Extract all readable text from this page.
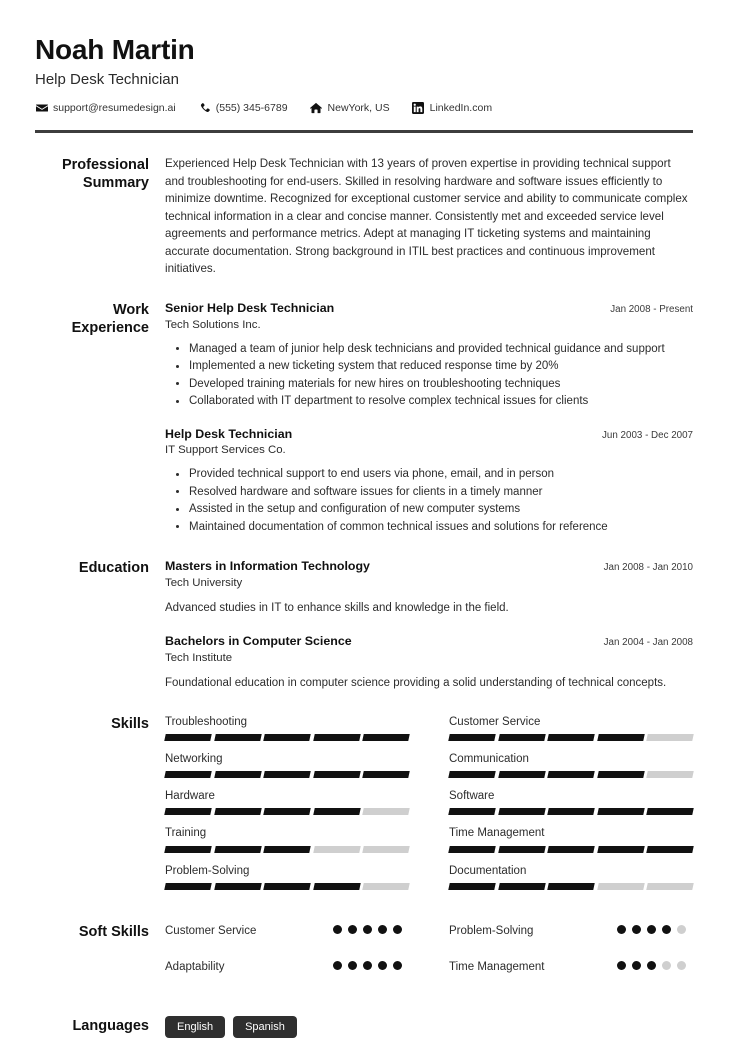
Noah Martin
Help Desk Technician
support@resumedesign.ai	(555) 345-6789	NewYork, US	LinkedIn.com
Professional Summary
Experienced Help Desk Technician with 13 years of proven expertise in providing technical support and troubleshooting for end-users. Skilled in resolving hardware and software issues efficiently to minimize downtime. Recognized for exceptional customer service and ability to communicate complex technical information in a clear and concise manner. Consistently met and exceeded service level agreements and performance metrics. Adept at managing IT ticketing systems and maintaining accurate documentation. Strong background in ITIL best practices and continuous improvement initiatives.
Work Experience
Senior Help Desk Technician	Jan 2008 - Present
Tech Solutions Inc.
Managed a team of junior help desk technicians and provided technical guidance and support
Implemented a new ticketing system that reduced response time by 20%
Developed training materials for new hires on troubleshooting techniques
Collaborated with IT department to resolve complex technical issues for clients
Help Desk Technician	Jun 2003 - Dec 2007
IT Support Services Co.
Provided technical support to end users via phone, email, and in person
Resolved hardware and software issues for clients in a timely manner
Assisted in the setup and configuration of new computer systems
Maintained documentation of common technical issues and solutions for reference
Education	Masters in Information Technology	Jan 2008 - Jan 2010
Tech University
Advanced studies in IT to enhance skills and knowledge in the field.
Bachelors in Computer Science	Jan 2004 - Jan 2008
Tech Institute
Foundational education in computer science providing a solid understanding of technical concepts.
Skills	Troubleshooting	Customer Service
Networking	Communication
Hardware	Software
Training	Time Management
Problem-Solving	Documentation
Soft Skills	Customer Service	Problem-Solving
Adaptability	Time Management
Languages	English	Spanish
